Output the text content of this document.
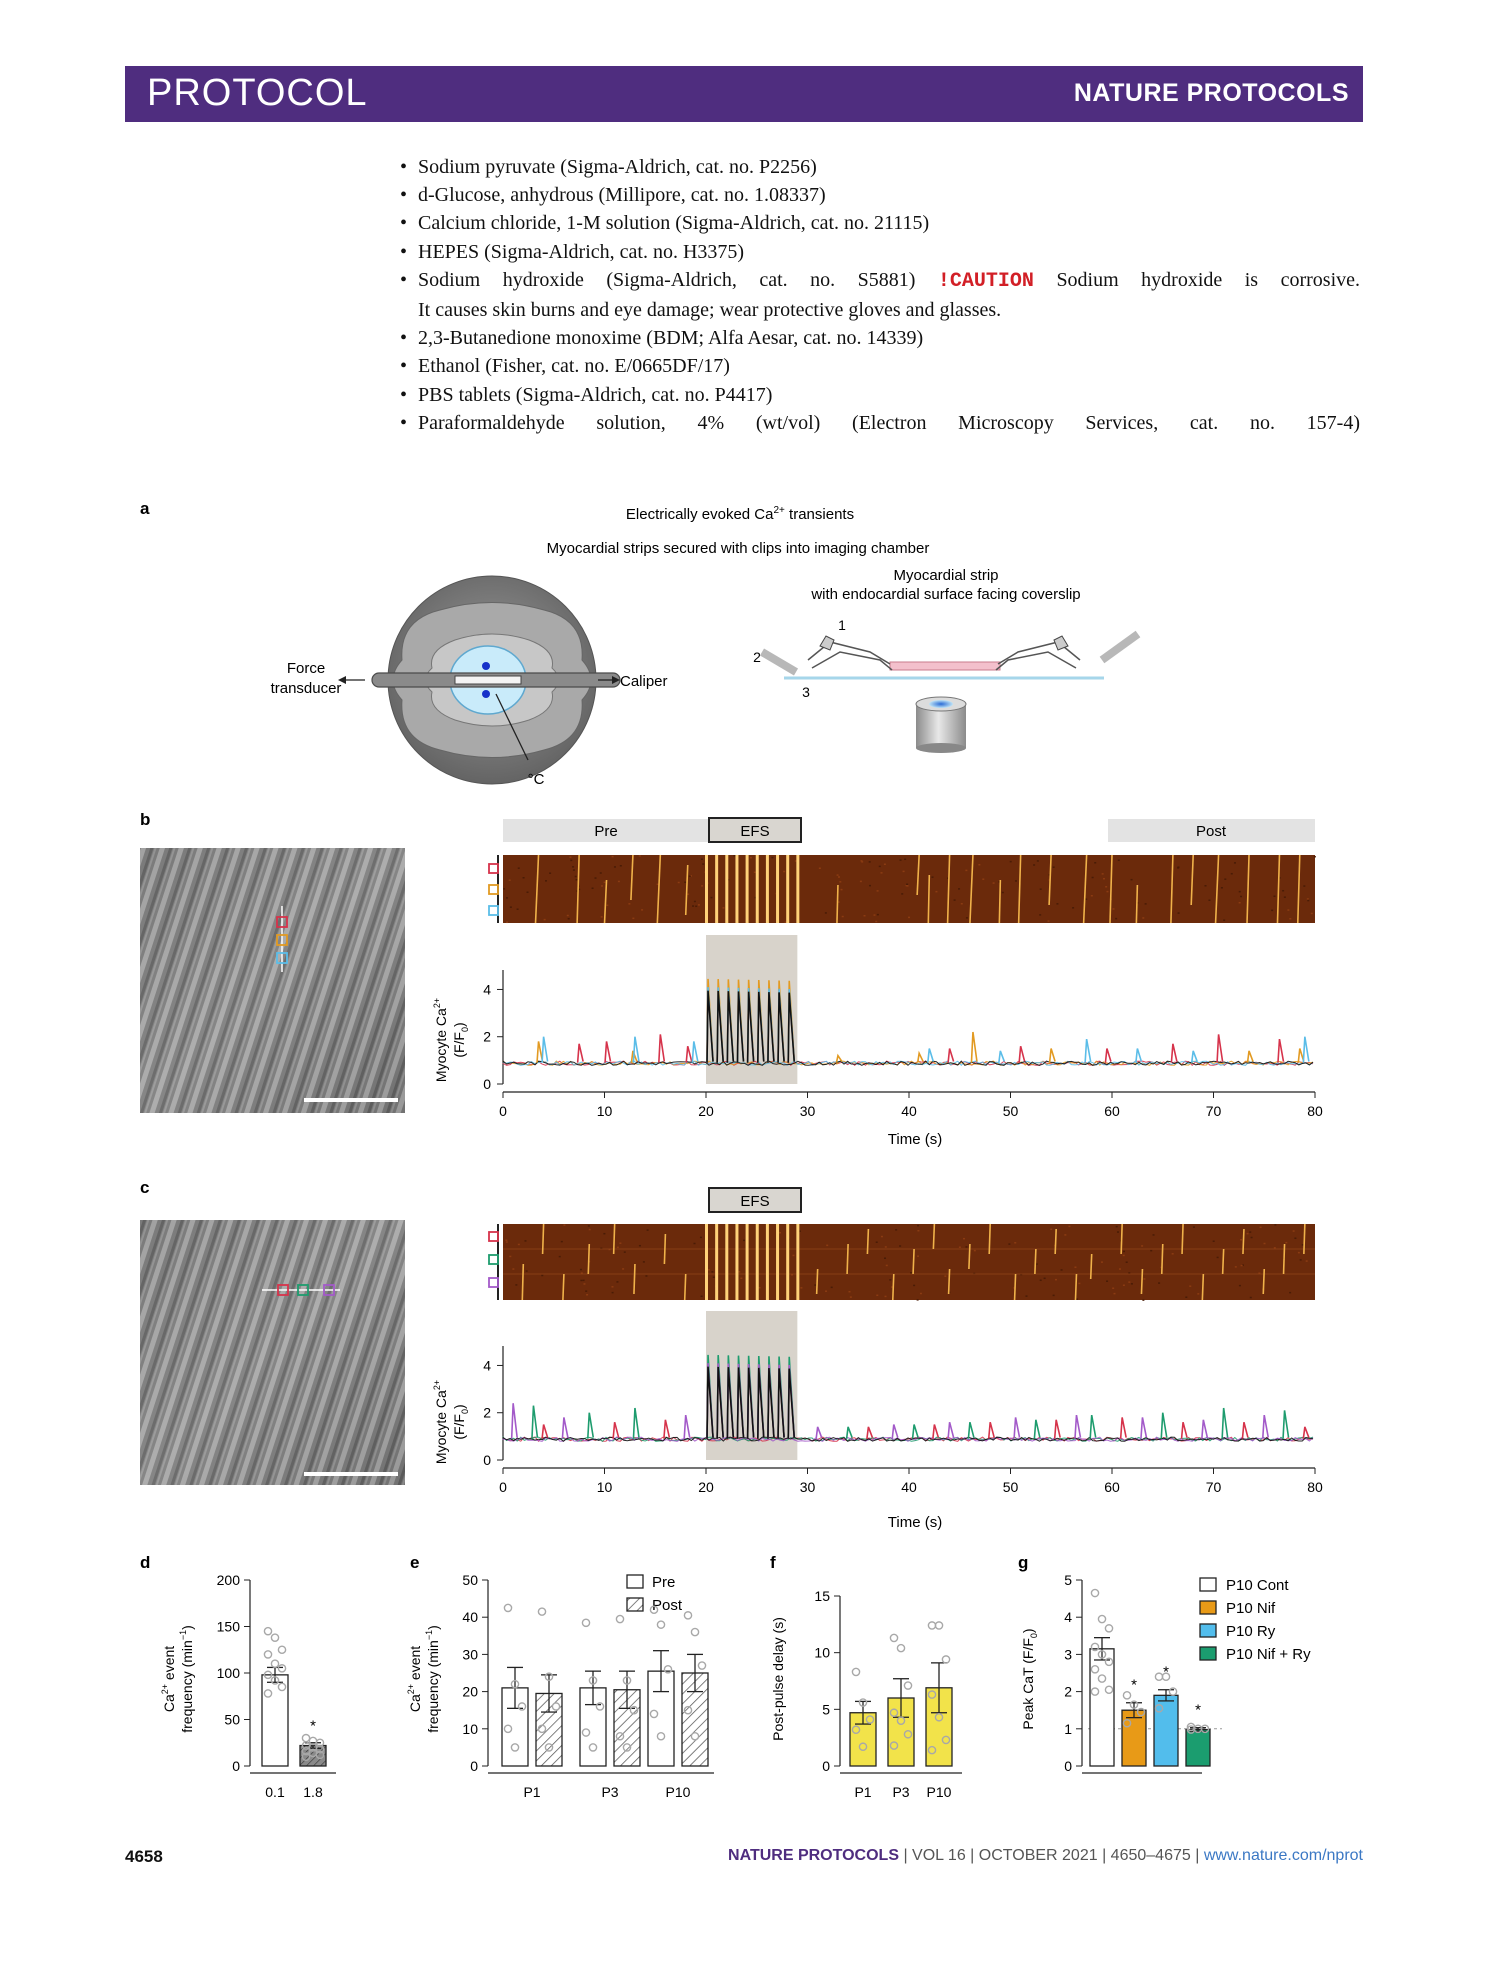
PROTOCOL	NATURE PROTOCOLS
• Sodium pyruvate (Sigma-Aldrich, cat. no. P2256)
• d-Glucose, anhydrous (Millipore, cat. no. 1.08337)
• Calcium chloride, 1-M solution (Sigma-Aldrich, cat. no. 21115)
• HEPES (Sigma-Aldrich, cat. no. H3375)
• Sodium hydroxide (Sigma-Aldrich, cat. no. S5881) !CAUTION Sodium hydroxide is corrosive.
It causes skin burns and eye damage; wear protective gloves and glasses.
• 2,3-Butanedione monoxime (BDM; Alfa Aesar, cat. no. 14339)
• Ethanol (Fisher, cat. no. E/0665DF/17)
• PBS tablets (Sigma-Aldrich, cat. no. P4417)
• Paraformaldehyde solution, 4% (wt/vol) (Electron Microscopy Services, cat. no. 157-4)
a	Electrically evoked $Ca^{2+}$ transients
Myocardial strips secured with clips into imaging chamber
Force
transducer	Caliper
°C
Myocardial strip
with endocardial surface facing coverslip
1
2
3
b
Pre	EFS	Post
0
2
4
0	10	20	30	40	50	60	70	80
c
EFS
0
2
4
0	10	20	30	40	50	60	70	80
Myocyte $Ca^{2+}$
$(F/F_0)$
Time (s)
Myocyte $Ca^{2+}$
$(F/F_0)$
Time (s)
d	e	f	g
$Ca^{2+}$ event frequency $(\min^{-1})$
$Ca^{2+}$ event frequency $(\min^{-1})$	Post-pulse delay (s)	Peak CaT $(F/F_0)$
Pre
Post
P10 Cont
P10 Nif
P10 Ry
P10 Nif + Ry
0
50
100
150
200
*
0.1 1.8
0
10
20
30
40
50
P1	P3	P10
0
5
10
15
P1 P3 P10
0
1
2
3
4
5
*
*
*
4658	NATURE PROTOCOLS | VOL 16 | OCTOBER 2021 | 4650–4675 | www.nature.com/nprot
